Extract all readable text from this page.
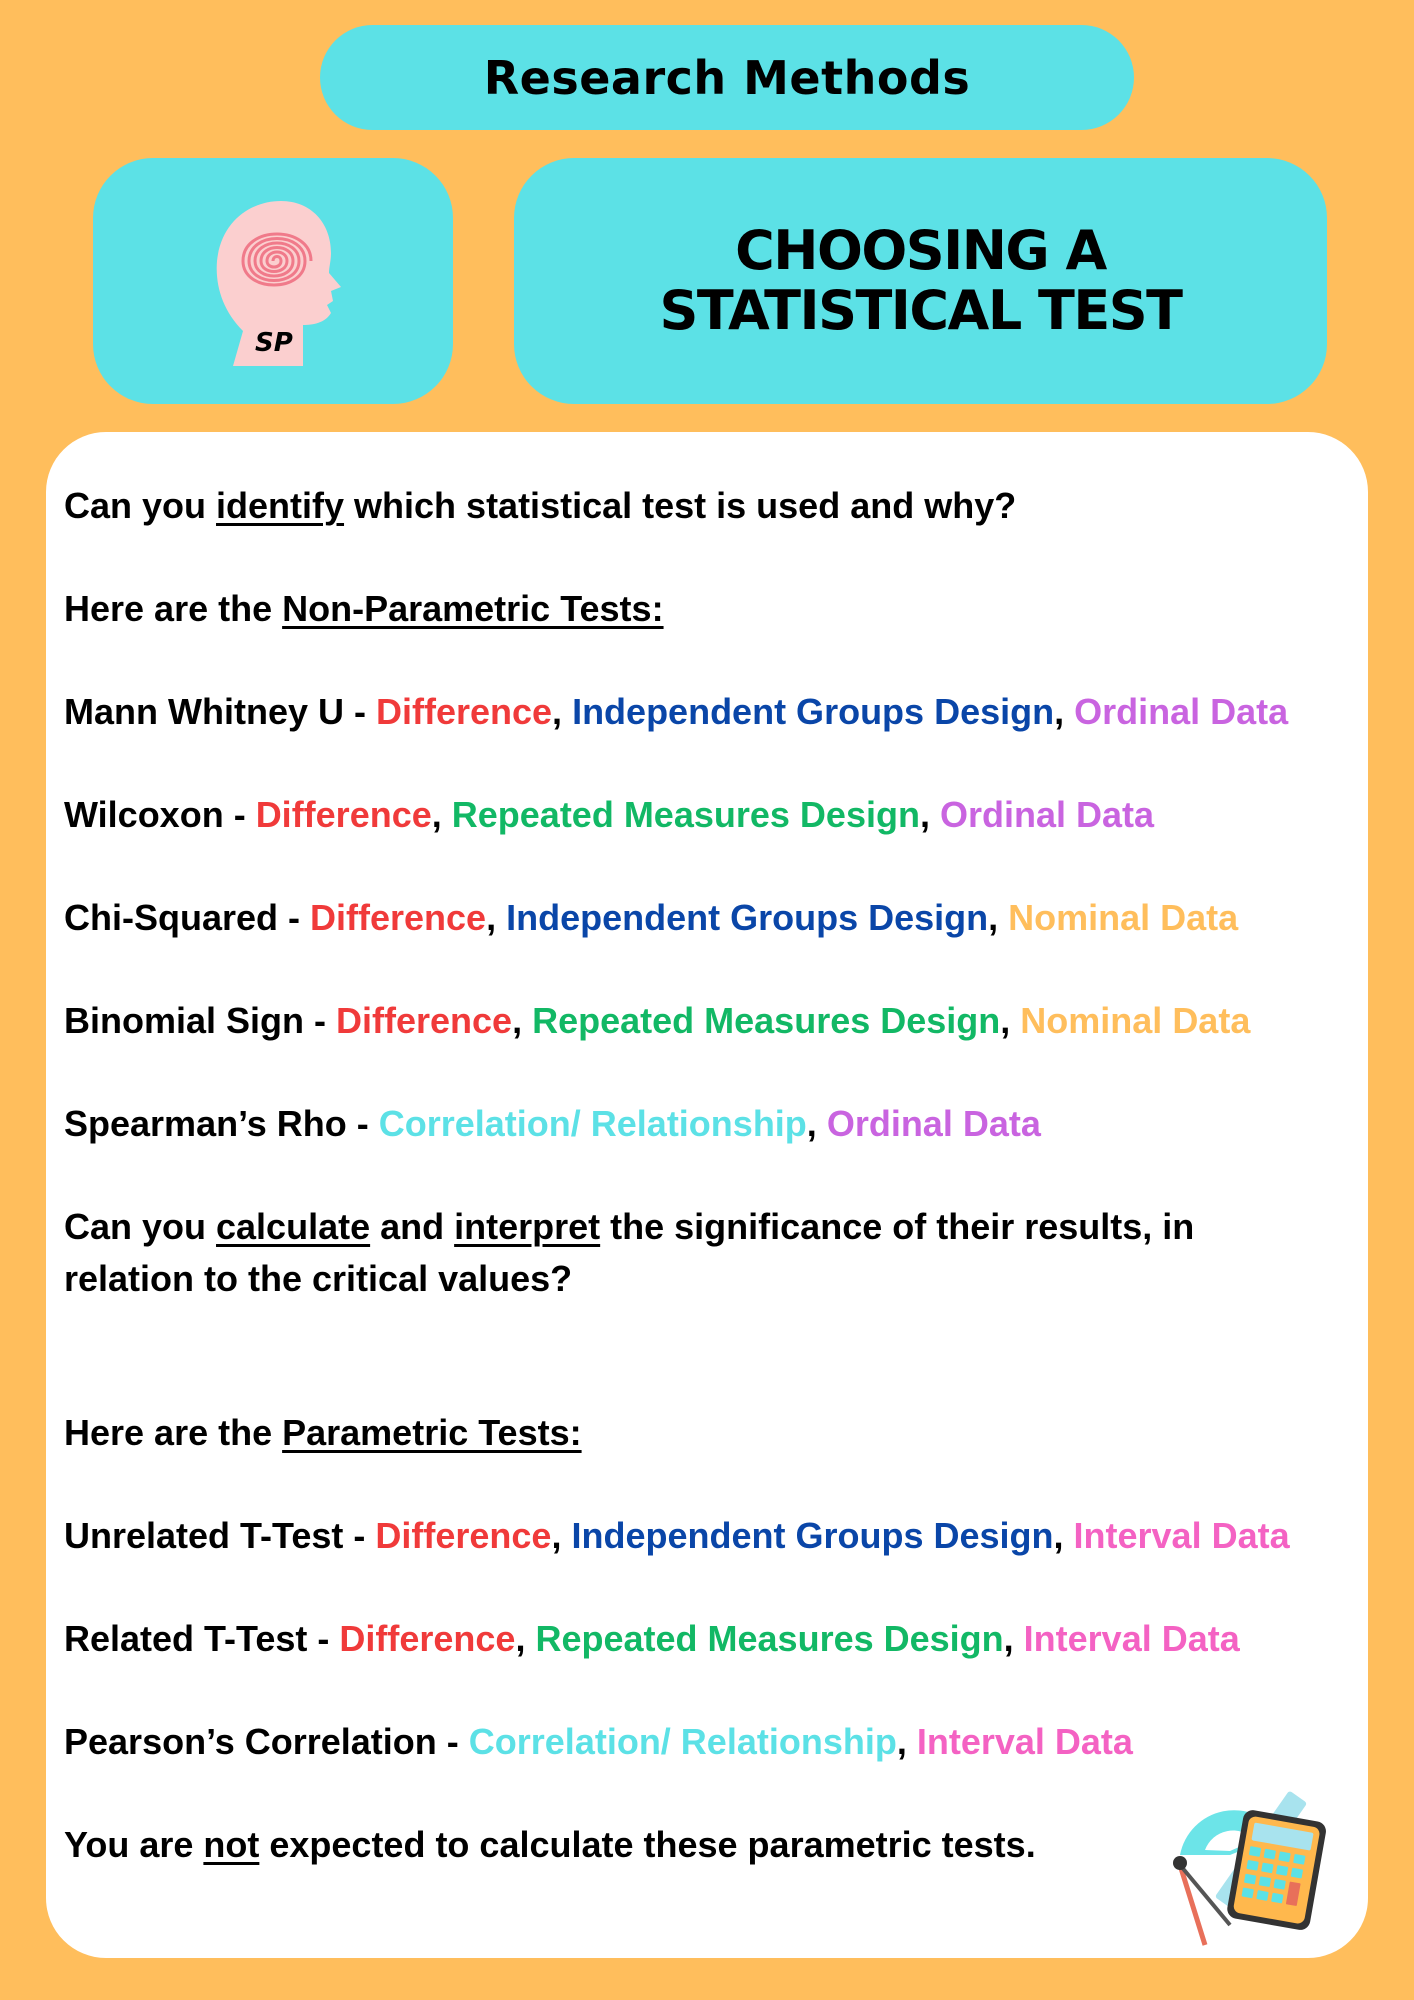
Research Methods
SP
CHOOSING A
STATISTICAL TEST
Can you identify which statistical test is used and why?
Here are the Non-Parametric Tests:
Mann Whitney U - Difference, Independent Groups Design, Ordinal Data
Wilcoxon - Difference, Repeated Measures Design, Ordinal Data
Chi-Squared - Difference, Independent Groups Design, Nominal Data
Binomial Sign - Difference, Repeated Measures Design, Nominal Data
Spearman’s Rho - Correlation/ Relationship, Ordinal Data
Can you calculate and interpret the significance of their results, in
relation to the critical values?
Here are the Parametric Tests:
Unrelated T-Test - Difference, Independent Groups Design, Interval Data
Related T-Test - Difference, Repeated Measures Design, Interval Data
Pearson’s Correlation - Correlation/ Relationship, Interval Data
You are not expected to calculate these parametric tests.
